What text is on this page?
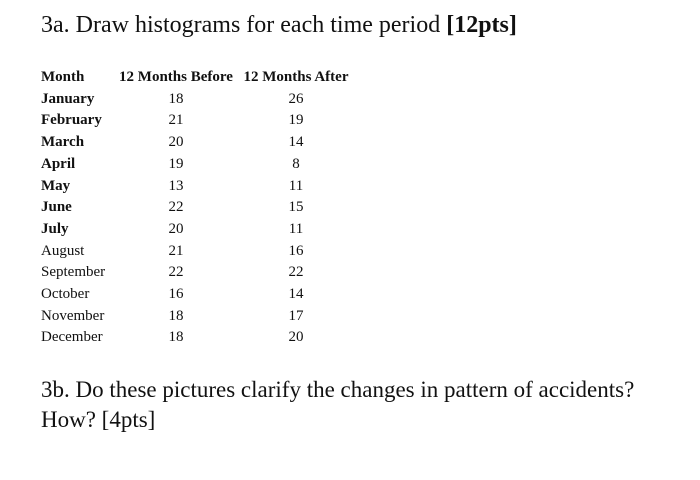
3a. Draw histograms for each time period [12pts]
Month	12 Months Before	12 Months After
January	18	26
February	21	19
March	20	14
April	19	8
May	13	11
June	22	15
July	20	11
August	21	16
September	22	22
October	16	14
November	18	17
December	18	20
3b. Do these pictures clarify the changes in pattern of accidents? How? [4pts]
